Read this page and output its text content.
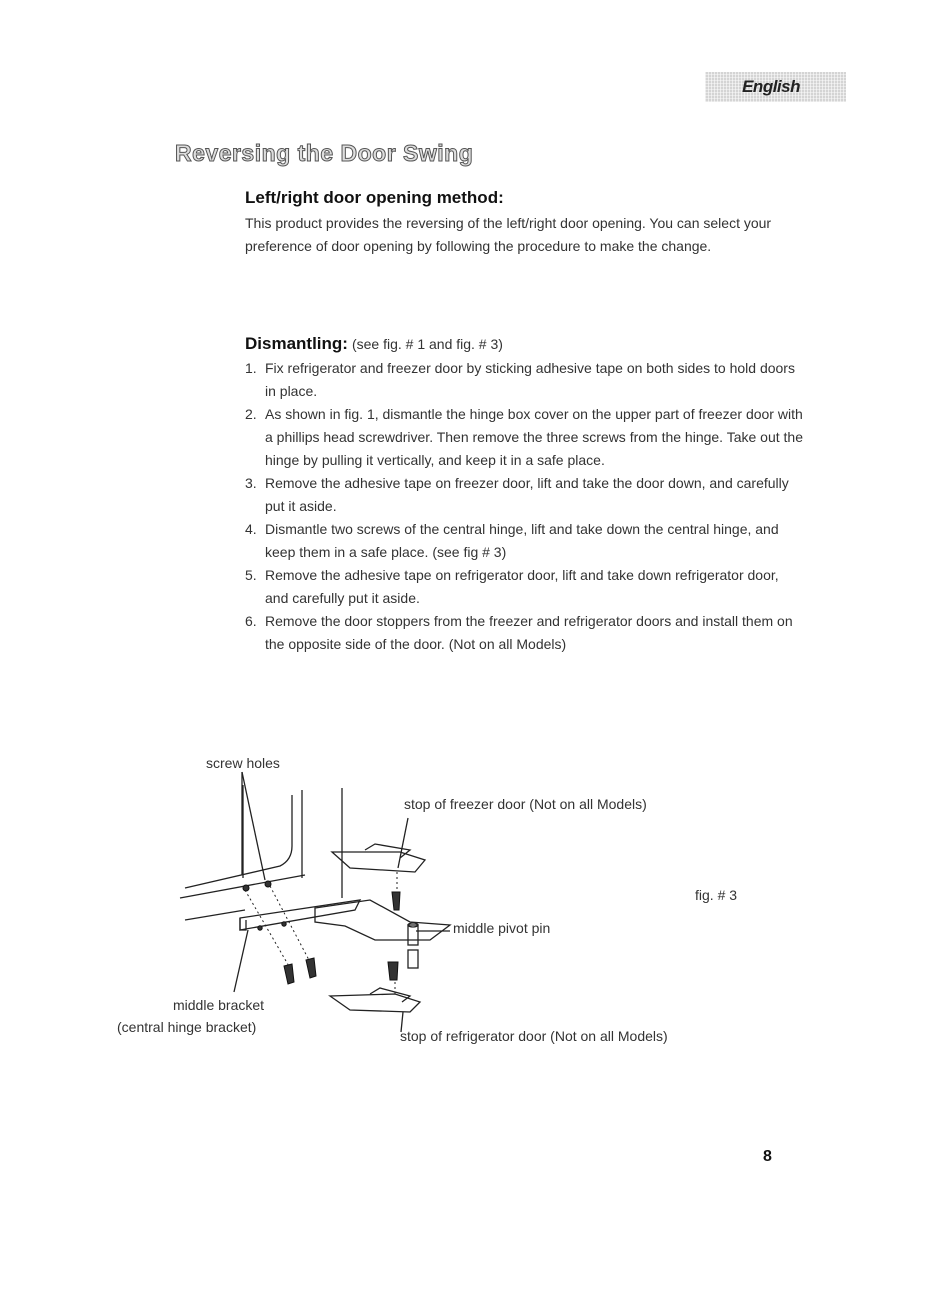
English
Reversing the Door Swing
Left/right door opening method:

This product provides the reversing of the left/right door opening. You can select your preference of door opening by following the procedure to make the change.

Dismantling: (see fig. # 1 and fig. # 3)
1. Fix refrigerator and freezer door by sticking adhesive tape on both sides to hold doors in place.
2. As shown in fig. 1, dismantle the hinge box cover on the upper part of freezer door with a phillips head screwdriver. Then remove the three screws from the hinge. Take out the hinge by pulling it vertically, and keep it in a safe place.
3. Remove the adhesive tape on freezer door, lift and take the door down, and carefully put it aside.
4. Dismantle two screws of the central hinge, lift and take down the central hinge, and keep them in a safe place. (see fig # 3)
5. Remove the adhesive tape on refrigerator door, lift and take down refrigerator door, and carefully put it aside.
6. Remove the door stoppers from the freezer and refrigerator doors and install them on the opposite side of the door. (Not on all Models)
screw holes
stop of freezer door (Not on all Models)
fig. # 3
middle pivot pin
middle bracket
(central hinge bracket)
stop of refrigerator door (Not on all Models)
8
